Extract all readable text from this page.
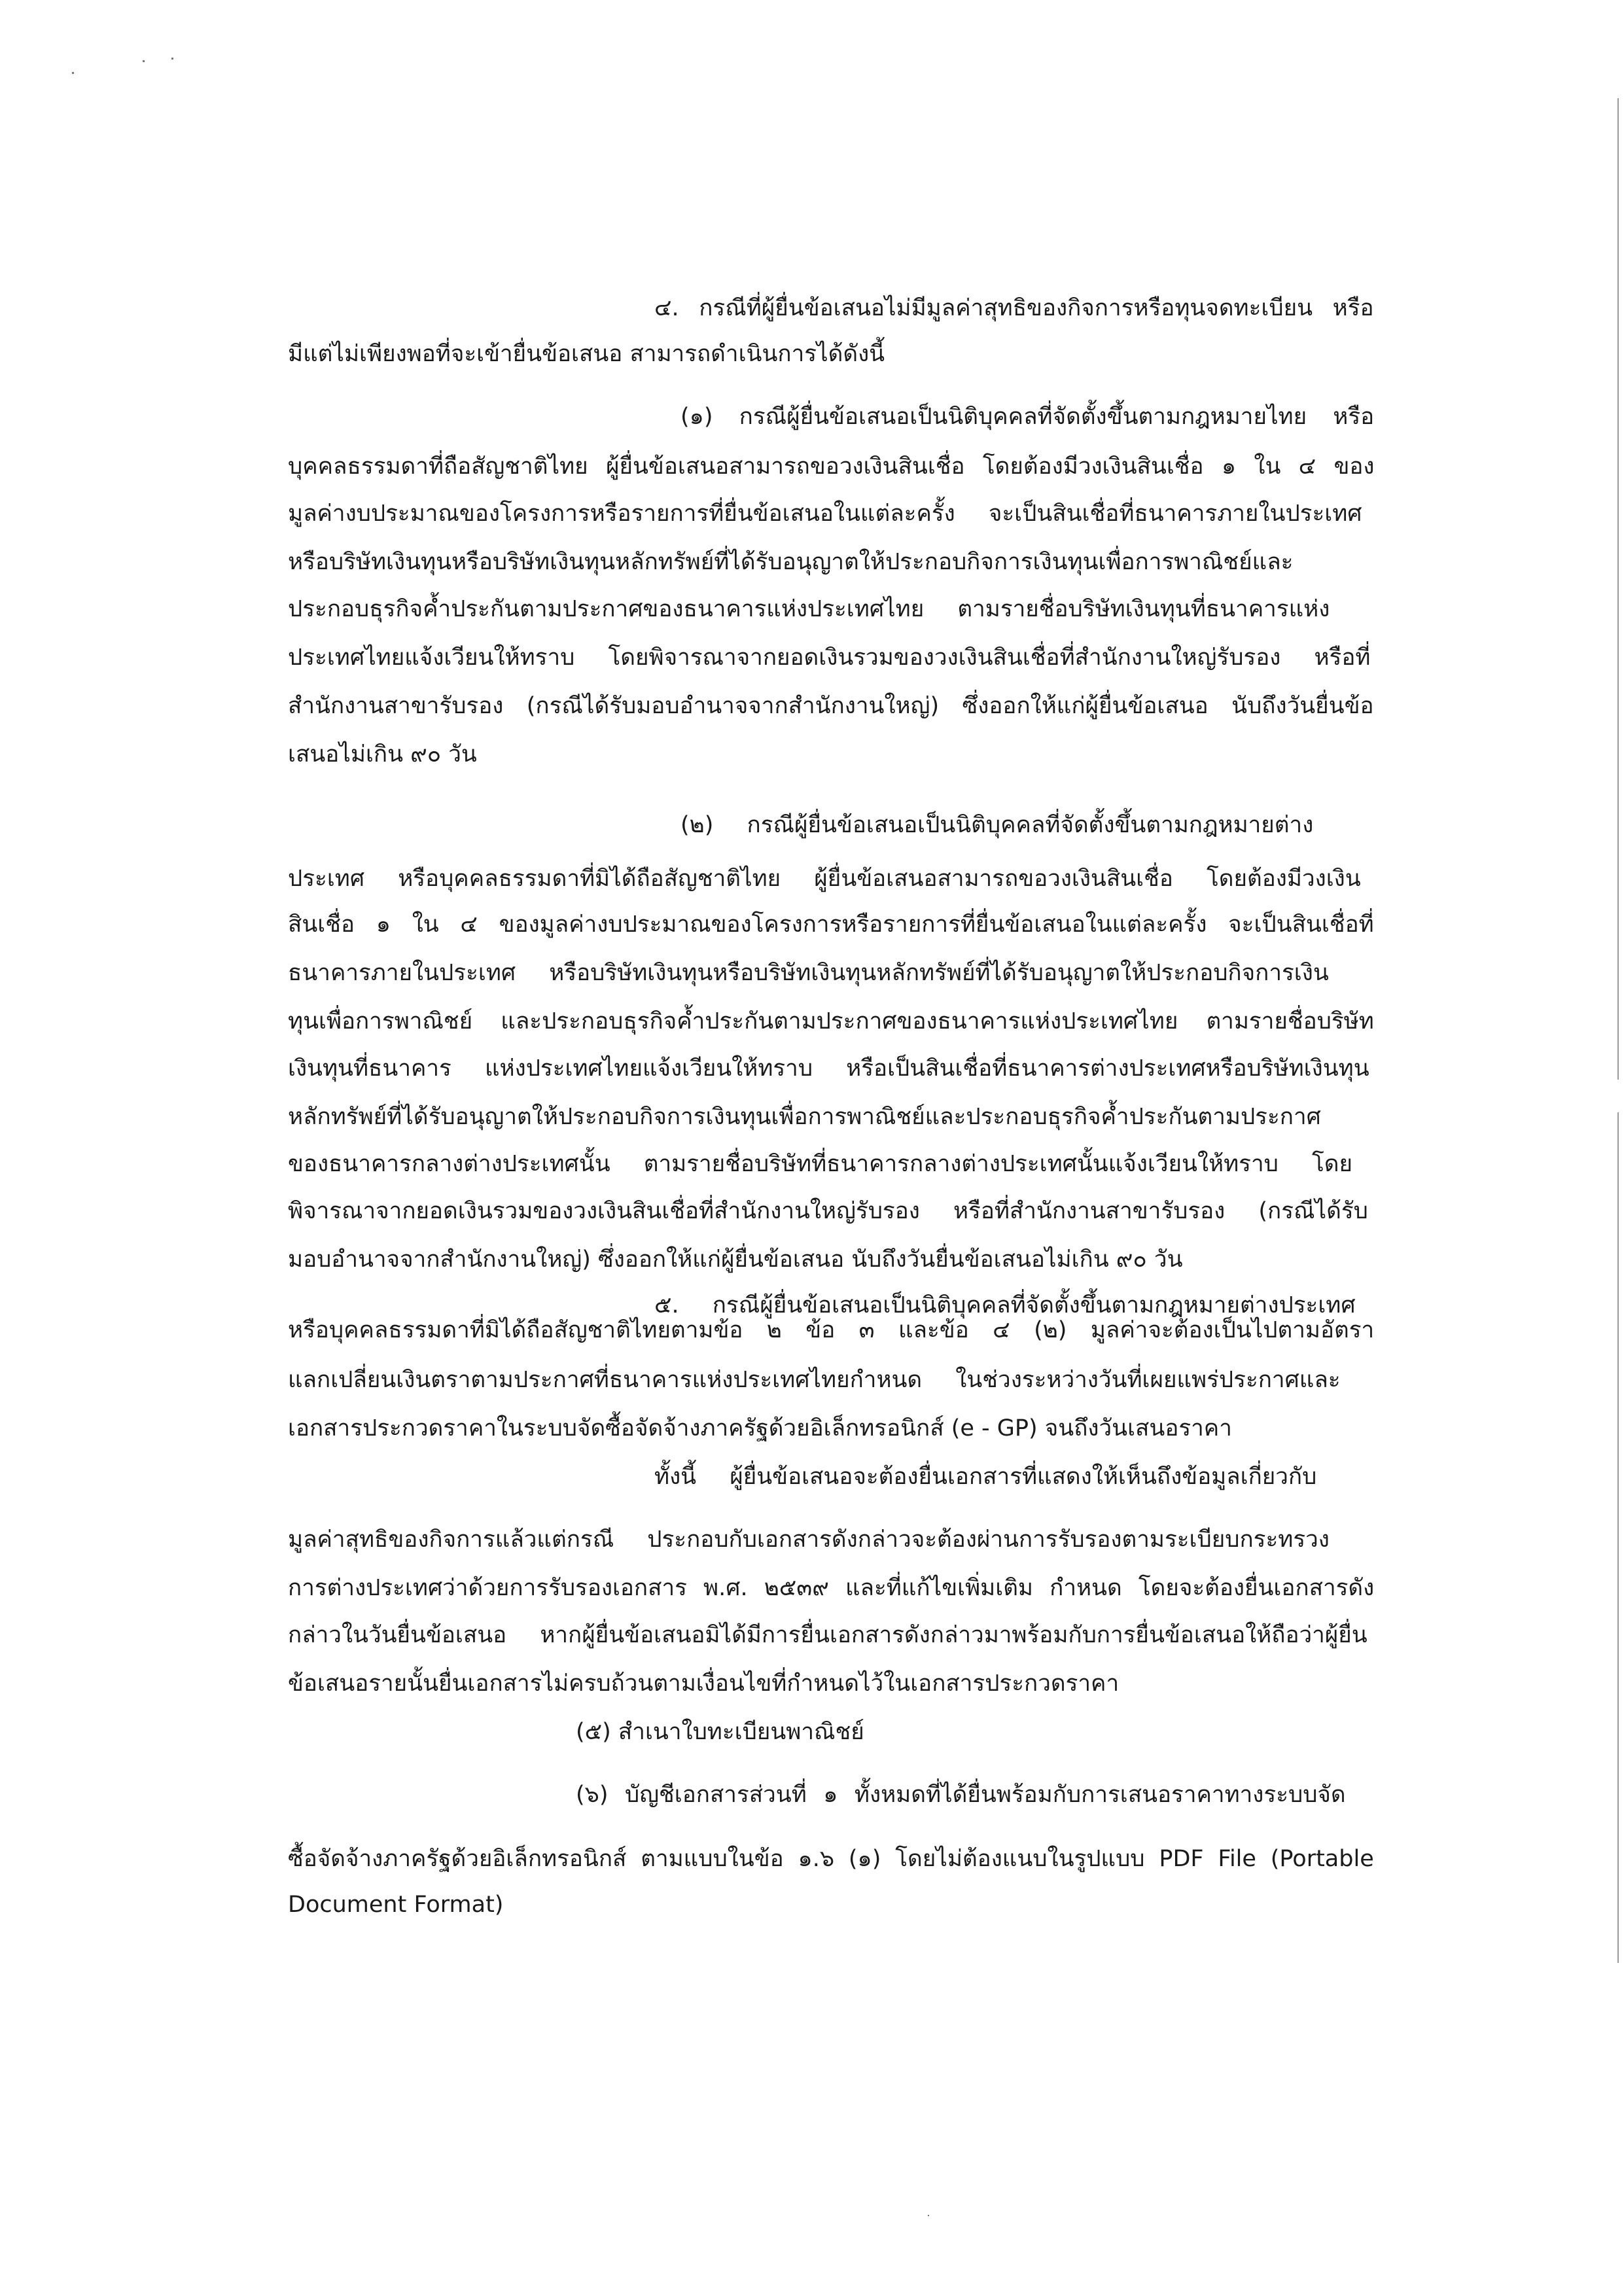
๔. กรณีที่ผู้ยื่นข้อเสนอไม่มีมูลค่าสุทธิของกิจการหรือทุนจดทะเบียน หรือ
มีแต่ไม่เพียงพอที่จะเข้ายื่นข้อเสนอ สามารถดำเนินการได้ดังนี้
(๑) กรณีผู้ยื่นข้อเสนอเป็นนิติบุคคลที่จัดตั้งขึ้นตามกฎหมายไทย หรือ
บุคคลธรรมดาที่ถือสัญชาติไทย ผู้ยื่นข้อเสนอสามารถขอวงเงินสินเชื่อ โดยต้องมีวงเงินสินเชื่อ ๑ ใน ๔ ของ
มูลค่างบประมาณของโครงการหรือรายการที่ยื่นข้อเสนอในแต่ละครั้ง จะเป็นสินเชื่อที่ธนาคารภายในประเทศ
หรือบริษัทเงินทุนหรือบริษัทเงินทุนหลักทรัพย์ที่ได้รับอนุญาตให้ประกอบกิจการเงินทุนเพื่อการพาณิชย์และ
ประกอบธุรกิจค้ำประกันตามประกาศของธนาคารแห่งประเทศไทย ตามรายชื่อบริษัทเงินทุนที่ธนาคารแห่ง
ประเทศไทยแจ้งเวียนให้ทราบ โดยพิจารณาจากยอดเงินรวมของวงเงินสินเชื่อที่สำนักงานใหญ่รับรอง หรือที่
สำนักงานสาขารับรอง (กรณีได้รับมอบอำนาจจากสำนักงานใหญ่) ซึ่งออกให้แก่ผู้ยื่นข้อเสนอ นับถึงวันยื่นข้อ
เสนอไม่เกิน ๙๐ วัน
(๒) กรณีผู้ยื่นข้อเสนอเป็นนิติบุคคลที่จัดตั้งขึ้นตามกฎหมายต่าง
ประเทศ หรือบุคคลธรรมดาที่มิได้ถือสัญชาติไทย ผู้ยื่นข้อเสนอสามารถขอวงเงินสินเชื่อ โดยต้องมีวงเงิน
สินเชื่อ ๑ ใน ๔ ของมูลค่างบประมาณของโครงการหรือรายการที่ยื่นข้อเสนอในแต่ละครั้ง จะเป็นสินเชื่อที่
ธนาคารภายในประเทศ หรือบริษัทเงินทุนหรือบริษัทเงินทุนหลักทรัพย์ที่ได้รับอนุญาตให้ประกอบกิจการเงิน
ทุนเพื่อการพาณิชย์ และประกอบธุรกิจค้ำประกันตามประกาศของธนาคารแห่งประเทศไทย ตามรายชื่อบริษัท
เงินทุนที่ธนาคาร แห่งประเทศไทยแจ้งเวียนให้ทราบ หรือเป็นสินเชื่อที่ธนาคารต่างประเทศหรือบริษัทเงินทุน
หลักทรัพย์ที่ได้รับอนุญาตให้ประกอบกิจการเงินทุนเพื่อการพาณิชย์และประกอบธุรกิจค้ำประกันตามประกาศ
ของธนาคารกลางต่างประเทศนั้น ตามรายชื่อบริษัทที่ธนาคารกลางต่างประเทศนั้นแจ้งเวียนให้ทราบ โดย
พิจารณาจากยอดเงินรวมของวงเงินสินเชื่อที่สำนักงานใหญ่รับรอง หรือที่สำนักงานสาขารับรอง (กรณีได้รับ
มอบอำนาจจากสำนักงานใหญ่) ซึ่งออกให้แก่ผู้ยื่นข้อเสนอ นับถึงวันยื่นข้อเสนอไม่เกิน ๙๐ วัน
๕. กรณีผู้ยื่นข้อเสนอเป็นนิติบุคคลที่จัดตั้งขึ้นตามกฎหมายต่างประเทศ
หรือบุคคลธรรมดาที่มิได้ถือสัญชาติไทยตามข้อ ๒ ข้อ ๓ และข้อ ๔ (๒) มูลค่าจะต้องเป็นไปตามอัตรา
แลกเปลี่ยนเงินตราตามประกาศที่ธนาคารแห่งประเทศไทยกำหนด ในช่วงระหว่างวันที่เผยแพร่ประกาศและ
เอกสารประกวดราคาในระบบจัดซื้อจัดจ้างภาครัฐด้วยอิเล็กทรอนิกส์ (e - GP) จนถึงวันเสนอราคา
ทั้งนี้ ผู้ยื่นข้อเสนอจะต้องยื่นเอกสารที่แสดงให้เห็นถึงข้อมูลเกี่ยวกับ
มูลค่าสุทธิของกิจการแล้วแต่กรณี ประกอบกับเอกสารดังกล่าวจะต้องผ่านการรับรองตามระเบียบกระทรวง
การต่างประเทศว่าด้วยการรับรองเอกสาร พ.ศ. ๒๕๓๙ และที่แก้ไขเพิ่มเติม กำหนด โดยจะต้องยื่นเอกสารดัง
กล่าวในวันยื่นข้อเสนอ หากผู้ยื่นข้อเสนอมิได้มีการยื่นเอกสารดังกล่าวมาพร้อมกับการยื่นข้อเสนอให้ถือว่าผู้ยื่น
ข้อเสนอรายนั้นยื่นเอกสารไม่ครบถ้วนตามเงื่อนไขที่กำหนดไว้ในเอกสารประกวดราคา
(๕) สำเนาใบทะเบียนพาณิชย์
(๖) บัญชีเอกสารส่วนที่ ๑ ทั้งหมดที่ได้ยื่นพร้อมกับการเสนอราคาทางระบบจัด
ซื้อจัดจ้างภาครัฐด้วยอิเล็กทรอนิกส์ ตามแบบในข้อ ๑.๖ (๑) โดยไม่ต้องแนบในรูปแบบ PDF File (Portable
Document Format)
